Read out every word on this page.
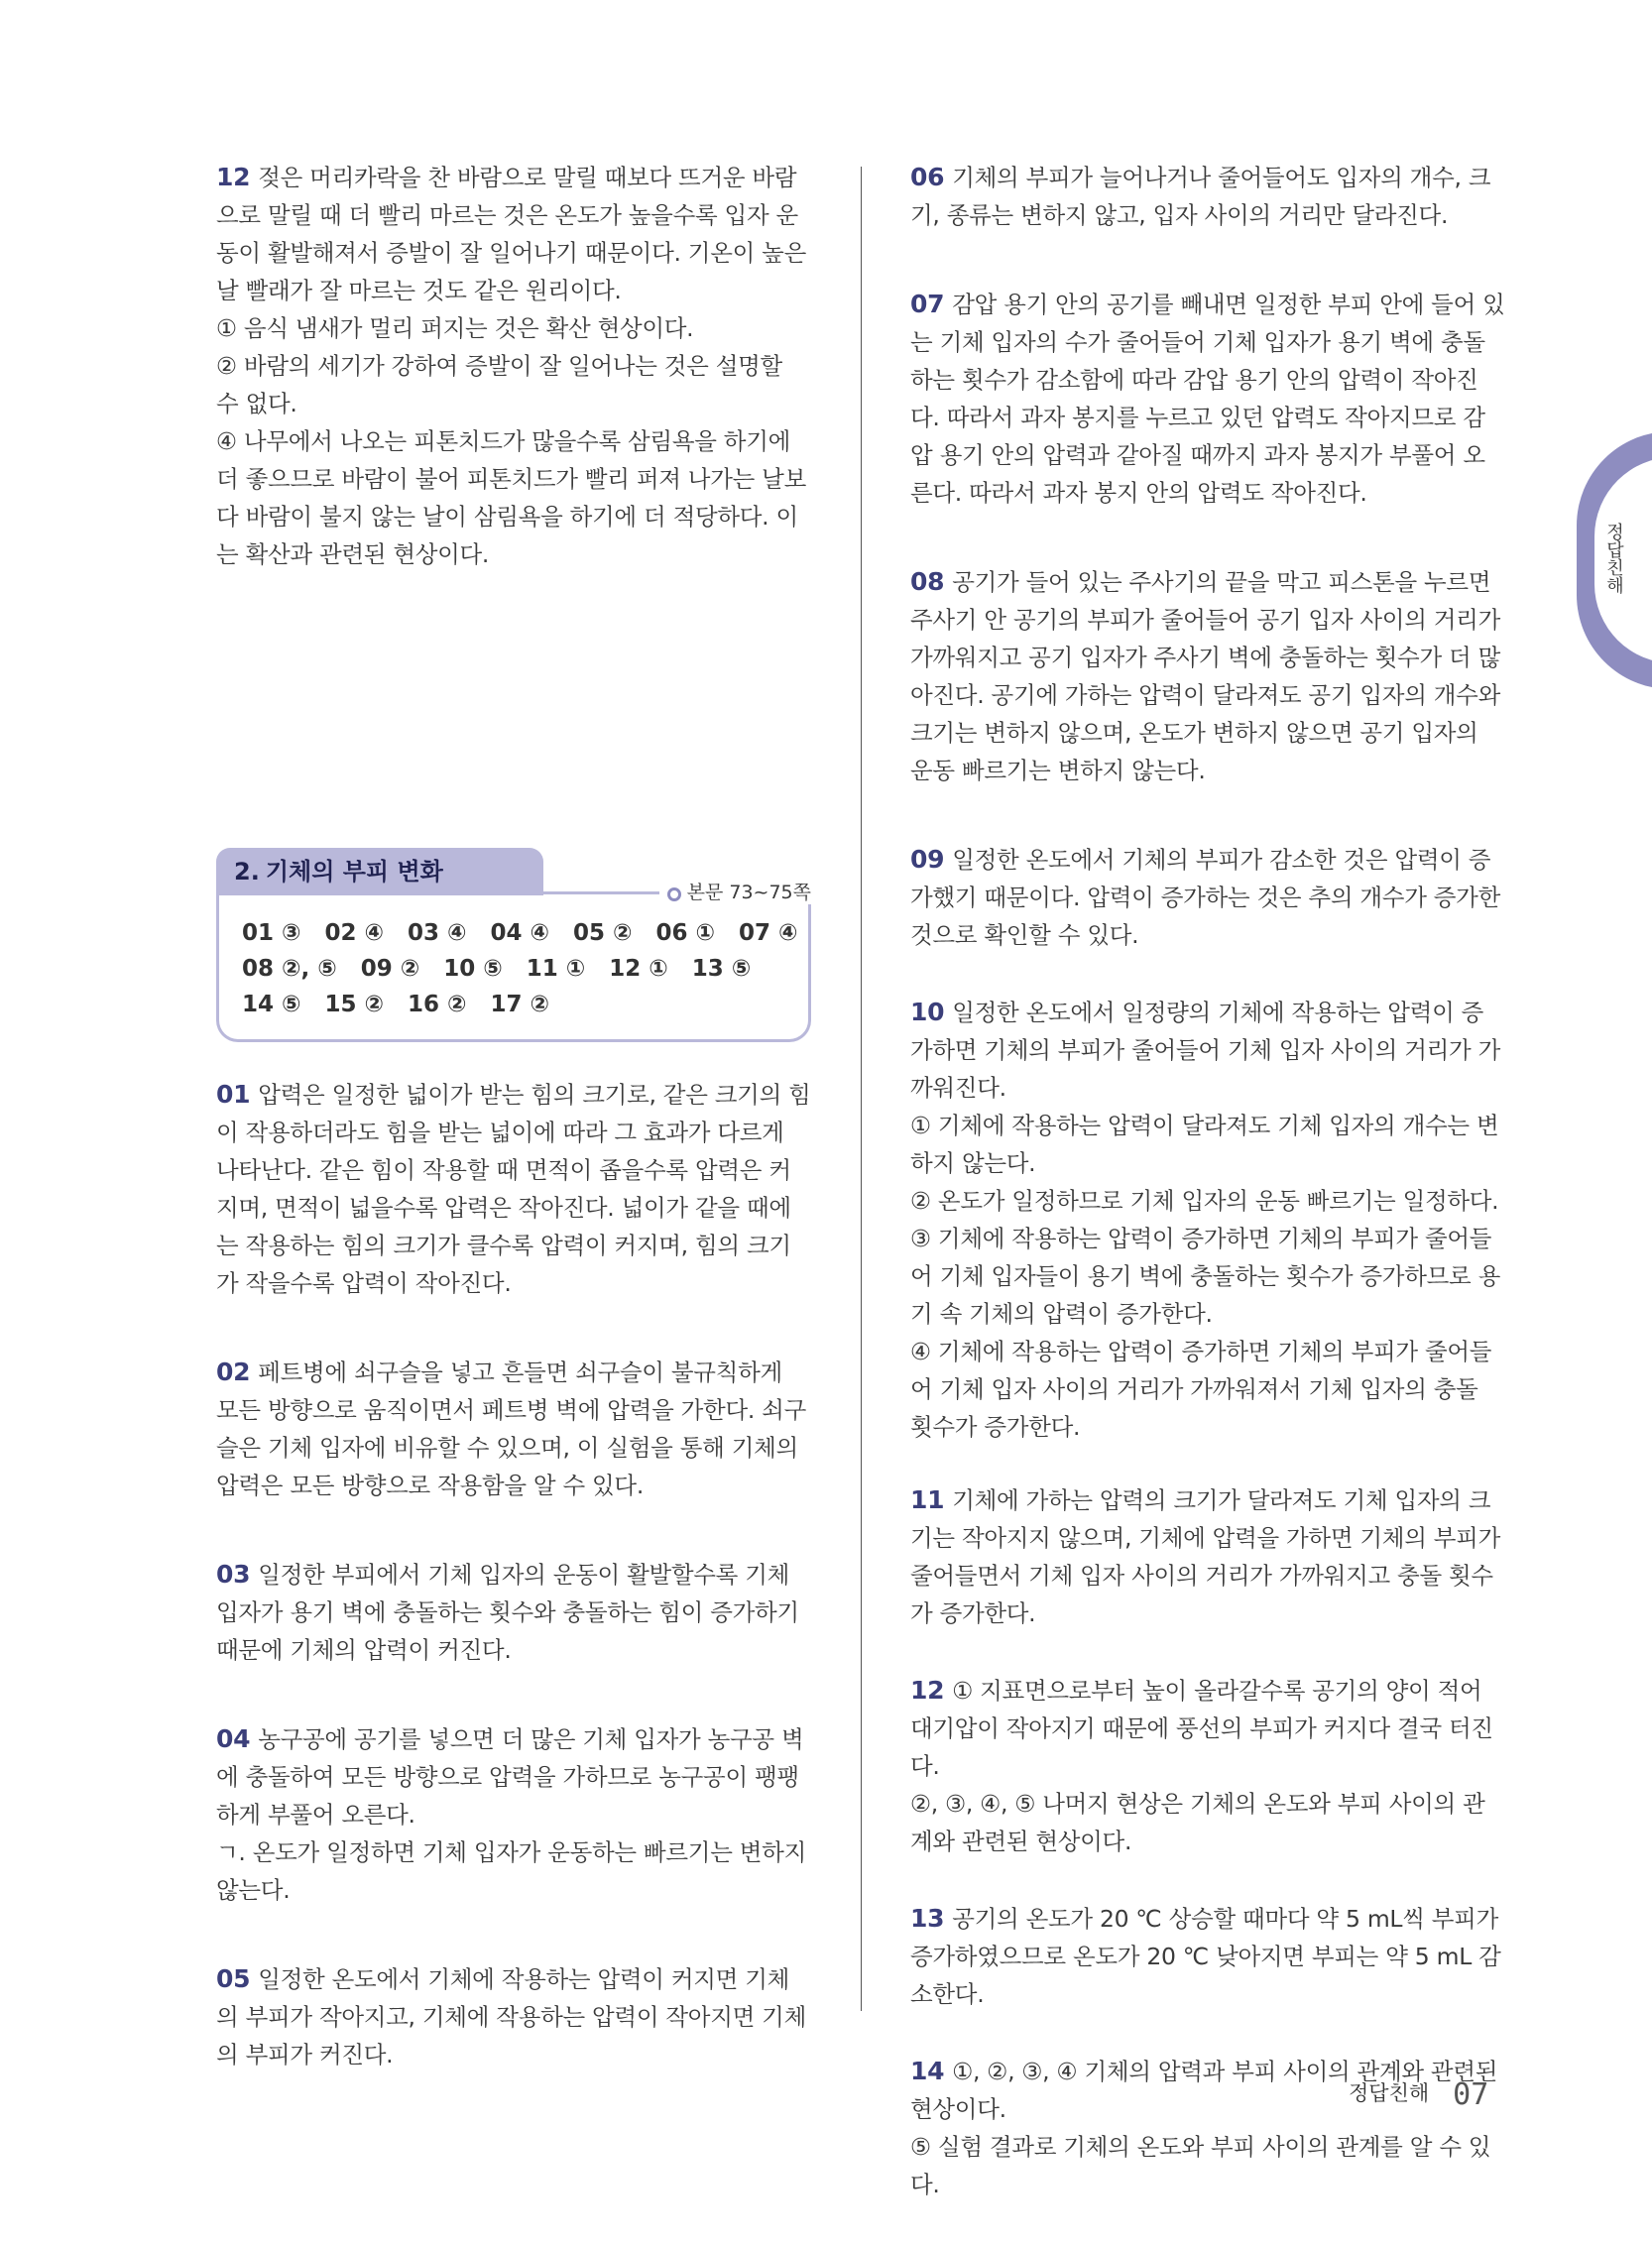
12 젖은 머리카락을 찬 바람으로 말릴 때보다 뜨거운 바람으로 말릴 때 더 빨리 마르는 것은 온도가 높을수록 입자 운동이 활발해져서 증발이 잘 일어나기 때문이다. 기온이 높은 날 빨래가 잘 마르는 것도 같은 원리이다.

① 음식 냄새가 멀리 퍼지는 것은 확산 현상이다.

② 바람의 세기가 강하여 증발이 잘 일어나는 것은 설명할 수 없다.

④ 나무에서 나오는 피톤치드가 많을수록 삼림욕을 하기에 더 좋으므로 바람이 불어 피톤치드가 빨리 퍼져 나가는 날보다 바람이 불지 않는 날이 삼림욕을 하기에 더 적당하다. 이는 확산과 관련된 현상이다.

2. 기체의 부피 변화
본문 73~75쪽
01 ③ 02 ④ 03 ④ 04 ④ 05 ② 06 ① 07 ④
08 ②, ⑤ 09 ② 10 ⑤ 11 ① 12 ① 13 ⑤
14 ⑤ 15 ② 16 ② 17 ②

01 압력은 일정한 넓이가 받는 힘의 크기로, 같은 크기의 힘이 작용하더라도 힘을 받는 넓이에 따라 그 효과가 다르게 나타난다. 같은 힘이 작용할 때 면적이 좁을수록 압력은 커지며, 면적이 넓을수록 압력은 작아진다. 넓이가 같을 때에는 작용하는 힘의 크기가 클수록 압력이 커지며, 힘의 크기가 작을수록 압력이 작아진다.

02 페트병에 쇠구슬을 넣고 흔들면 쇠구슬이 불규칙하게 모든 방향으로 움직이면서 페트병 벽에 압력을 가한다. 쇠구슬은 기체 입자에 비유할 수 있으며, 이 실험을 통해 기체의 압력은 모든 방향으로 작용함을 알 수 있다.

03 일정한 부피에서 기체 입자의 운동이 활발할수록 기체 입자가 용기 벽에 충돌하는 횟수와 충돌하는 힘이 증가하기 때문에 기체의 압력이 커진다.

04 농구공에 공기를 넣으면 더 많은 기체 입자가 농구공 벽에 충돌하여 모든 방향으로 압력을 가하므로 농구공이 팽팽하게 부풀어 오른다.

ㄱ. 온도가 일정하면 기체 입자가 운동하는 빠르기는 변하지 않는다.

05 일정한 온도에서 기체에 작용하는 압력이 커지면 기체의 부피가 작아지고, 기체에 작용하는 압력이 작아지면 기체의 부피가 커진다.

06 기체의 부피가 늘어나거나 줄어들어도 입자의 개수, 크기, 종류는 변하지 않고, 입자 사이의 거리만 달라진다.

07 감압 용기 안의 공기를 빼내면 일정한 부피 안에 들어 있는 기체 입자의 수가 줄어들어 기체 입자가 용기 벽에 충돌하는 횟수가 감소함에 따라 감압 용기 안의 압력이 작아진다. 따라서 과자 봉지를 누르고 있던 압력도 작아지므로 감압 용기 안의 압력과 같아질 때까지 과자 봉지가 부풀어 오른다. 따라서 과자 봉지 안의 압력도 작아진다.

08 공기가 들어 있는 주사기의 끝을 막고 피스톤을 누르면 주사기 안 공기의 부피가 줄어들어 공기 입자 사이의 거리가 가까워지고 공기 입자가 주사기 벽에 충돌하는 횟수가 더 많아진다. 공기에 가하는 압력이 달라져도 공기 입자의 개수와 크기는 변하지 않으며, 온도가 변하지 않으면 공기 입자의 운동 빠르기는 변하지 않는다.

09 일정한 온도에서 기체의 부피가 감소한 것은 압력이 증가했기 때문이다. 압력이 증가하는 것은 추의 개수가 증가한 것으로 확인할 수 있다.

10 일정한 온도에서 일정량의 기체에 작용하는 압력이 증가하면 기체의 부피가 줄어들어 기체 입자 사이의 거리가 가까워진다.

① 기체에 작용하는 압력이 달라져도 기체 입자의 개수는 변하지 않는다.

② 온도가 일정하므로 기체 입자의 운동 빠르기는 일정하다.

③ 기체에 작용하는 압력이 증가하면 기체의 부피가 줄어들어 기체 입자들이 용기 벽에 충돌하는 횟수가 증가하므로 용기 속 기체의 압력이 증가한다.

④ 기체에 작용하는 압력이 증가하면 기체의 부피가 줄어들어 기체 입자 사이의 거리가 가까워져서 기체 입자의 충돌 횟수가 증가한다.

11 기체에 가하는 압력의 크기가 달라져도 기체 입자의 크기는 작아지지 않으며, 기체에 압력을 가하면 기체의 부피가 줄어들면서 기체 입자 사이의 거리가 가까워지고 충돌 횟수가 증가한다.

12 ① 지표면으로부터 높이 올라갈수록 공기의 양이 적어 대기압이 작아지기 때문에 풍선의 부피가 커지다 결국 터진다.

②, ③, ④, ⑤ 나머지 현상은 기체의 온도와 부피 사이의 관계와 관련된 현상이다.

13 공기의 온도가 20 ℃ 상승할 때마다 약 5 mL씩 부피가 증가하였으므로 온도가 20 ℃ 낮아지면 부피는 약 5 mL 감소한다.

14 ①, ②, ③, ④ 기체의 압력과 부피 사이의 관계와 관련된 현상이다.

⑤ 실험 결과로 기체의 온도와 부피 사이의 관계를 알 수 있다.

정답친해
정답친해 07
